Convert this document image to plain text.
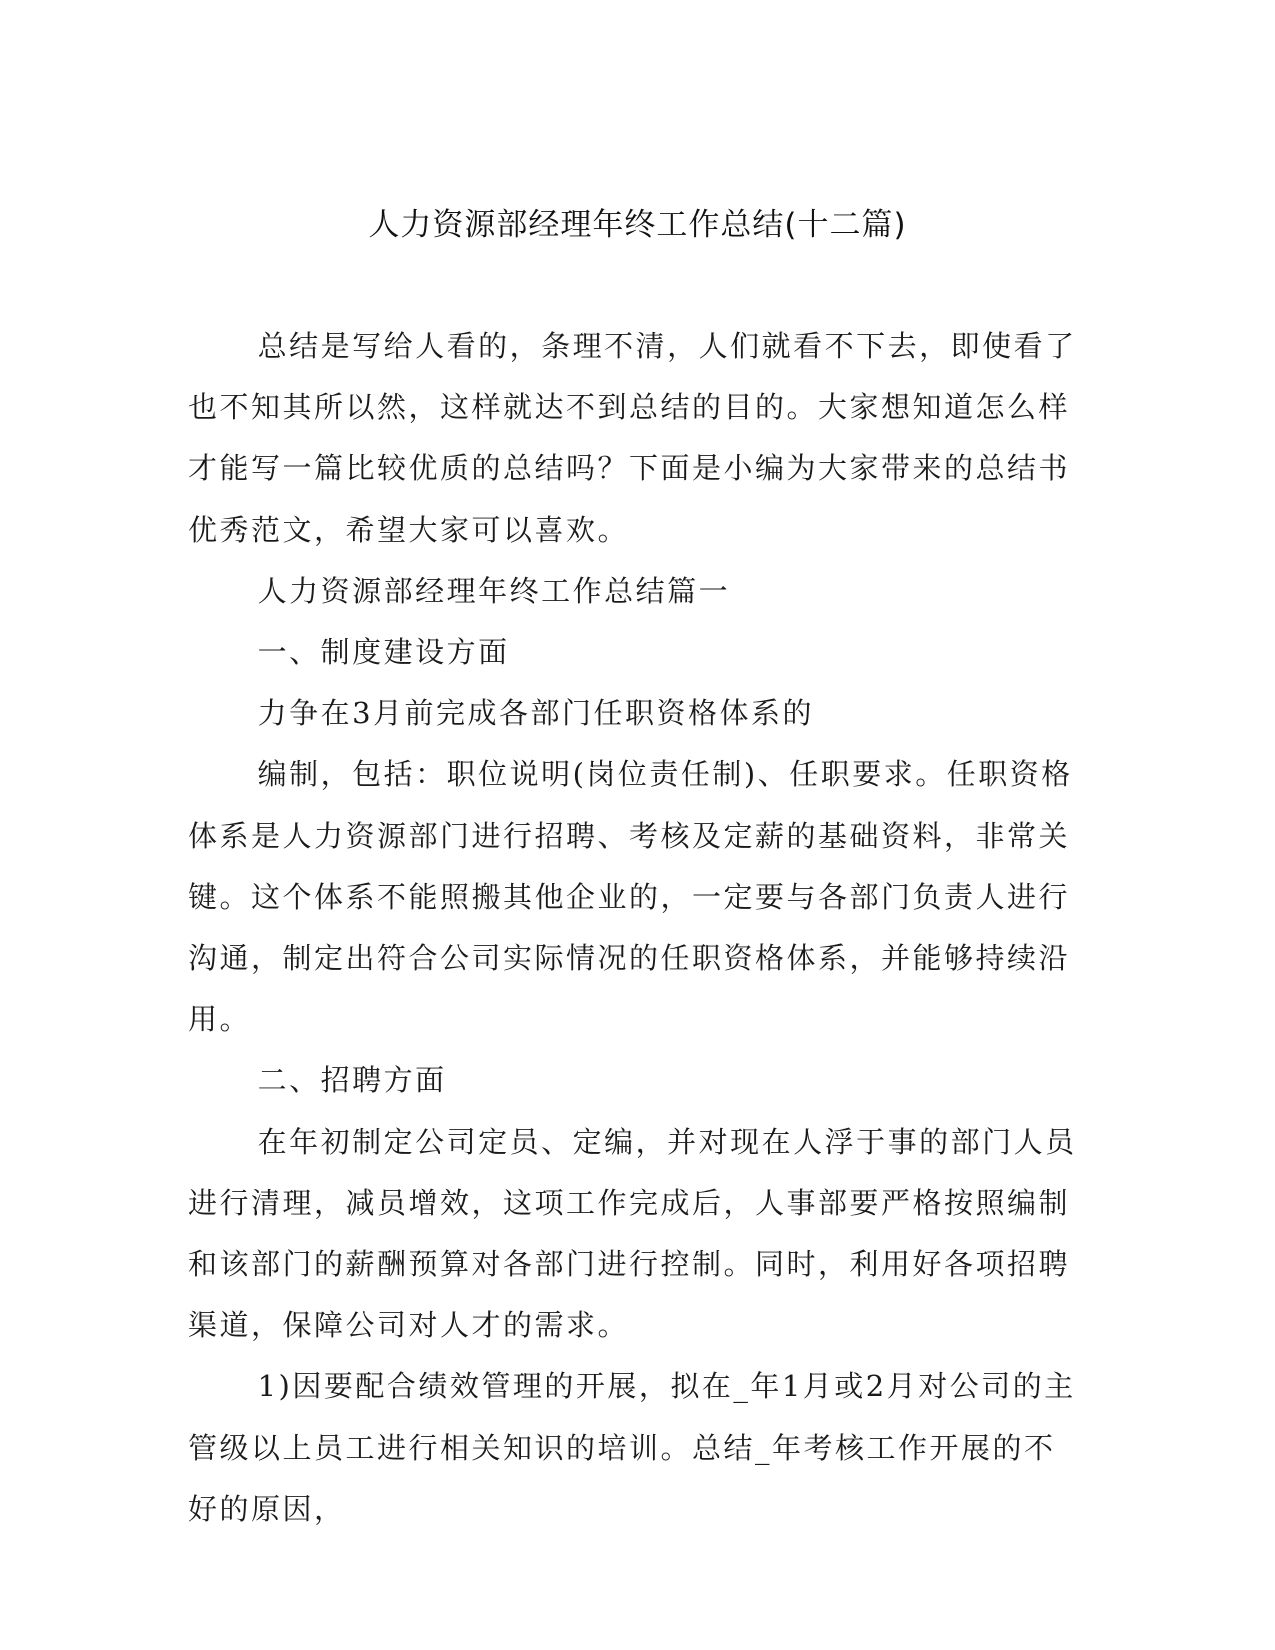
人力资源部经理年终工作总结(十二篇)

总结是写给人看的，条理不清，人们就看不下去，即使看了也不知其所以然，这样就达不到总结的目的。大家想知道怎么样才能写一篇比较优质的总结吗？下面是小编为大家带来的总结书优秀范文，希望大家可以喜欢。

人力资源部经理年终工作总结篇一

一、制度建设方面

力争在3月前完成各部门任职资格体系的

编制，包括：职位说明(岗位责任制)、任职要求。任职资格体系是人力资源部门进行招聘、考核及定薪的基础资料，非常关键。这个体系不能照搬其他企业的，一定要与各部门负责人进行沟通，制定出符合公司实际情况的任职资格体系，并能够持续沿用。

二、招聘方面

在年初制定公司定员、定编，并对现在人浮于事的部门人员进行清理，减员增效，这项工作完成后，人事部要严格按照编制和该部门的薪酬预算对各部门进行控制。同时，利用好各项招聘渠道，保障公司对人才的需求。

1)因要配合绩效管理的开展，拟在_年1月或2月对公司的主管级以上员工进行相关知识的培训。总结_年考核工作开展的不好的原因，
